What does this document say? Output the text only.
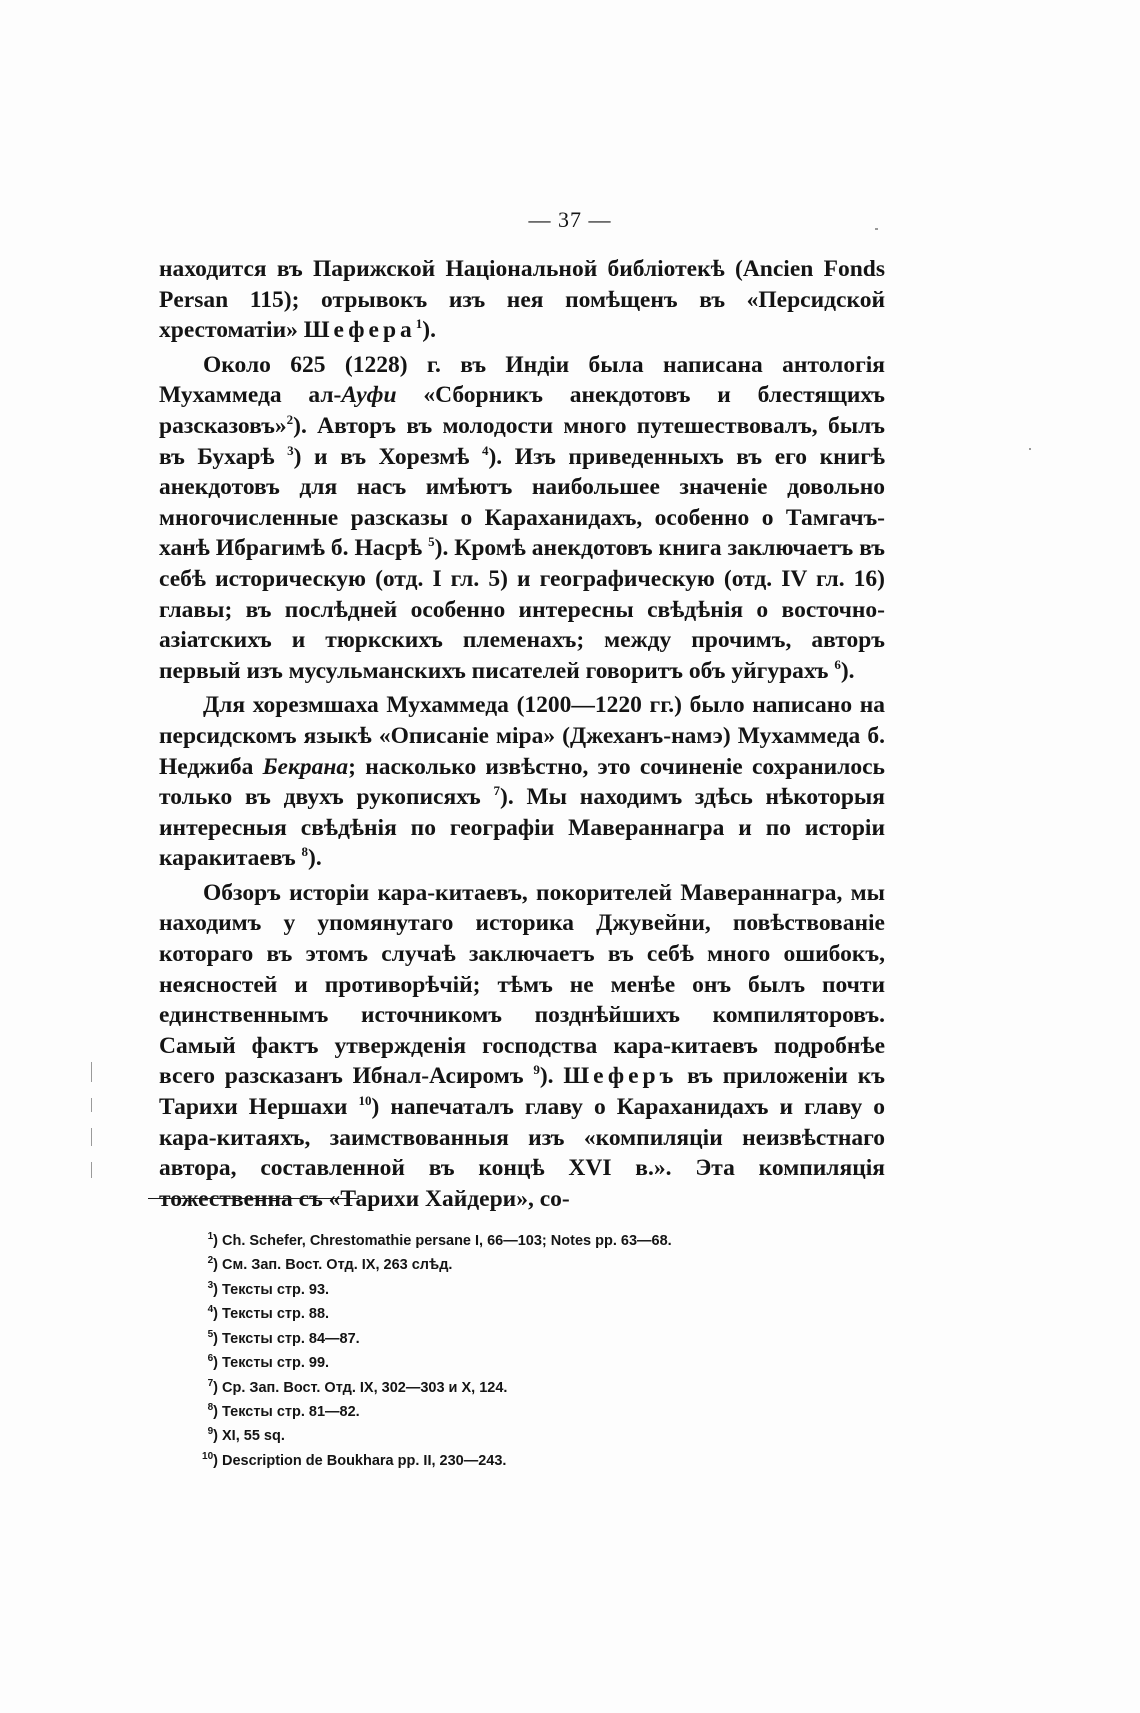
— 37 —

находится въ Парижской Національной библіотекѣ (Ancien Fonds Persan 115); отрывокъ изъ нея помѣщенъ въ «Персидской хрестоматіи» Шефера$^1$).

Около 625 (1228) г. въ Индіи была написана антологія Мухаммеда ал-Ауфи «Сборникъ анекдотовъ и блестящихъ разсказовъ»$^2$). Авторъ въ молодости много путешествовалъ, былъ въ Бухарѣ $^3$) и въ Хорезмѣ $^4$). Изъ приведенныхъ въ его книгѣ анекдотовъ для насъ имѣютъ наибольшее значеніе довольно многочисленные разсказы о Караханидахъ, особенно о Тамгачъ-ханѣ Ибрагимѣ б. Насрѣ $^5$). Кромѣ анекдотовъ книга заключаетъ въ себѣ историческую (отд. I гл. 5) и географическую (отд. IV гл. 16) главы; въ послѣдней особенно интересны свѣдѣнія о восточно-азіатскихъ и тюркскихъ племенахъ; между прочимъ, авторъ первый изъ мусульманскихъ писателей говоритъ объ уйгурахъ $^6$).

Для хорезмшаха Мухаммеда (1200—1220 гг.) было написано на персидскомъ языкѣ «Описаніе міра» (Джеханъ-намэ) Мухаммеда б. Неджиба Бекрана; насколько извѣстно, это сочиненіе сохранилось только въ двухъ рукописяхъ $^7$). Мы находимъ здѣсь нѣкоторыя интересныя свѣдѣнія по географіи Мавераннагра и по исторіи каракитаевъ $^8$).

Обзоръ исторіи кара-китаевъ, покорителей Мавераннагра, мы находимъ у упомянутаго историка Джувейни, повѣствованіе котораго въ этомъ случаѣ заключаетъ въ себѣ много ошибокъ, неясностей и противорѣчій; тѣмъ не менѣе онъ былъ почти единственнымъ источникомъ позднѣйшихъ компиляторовъ. Самый фактъ утвержденія господства кара-китаевъ подробнѣе всего разсказанъ Ибнал-Асиромъ $^9$). Шеферъ въ приложеніи къ Тарихи Нершахи $^{10}$) напечаталъ главу о Караханидахъ и главу о кара-китаяхъ, заимствованныя изъ «компиляціи неизвѣстнаго автора, составленной въ концѣ XVI в.». Эта компиляція тожественна съ «Тарихи Хайдери», со-

$^1$) Ch. Schefer, Chrestomathie persane I, 66—103; Notes pp. 63—68.
$^2$) См. Зап. Вост. Отд. IX, 263 слѣд.
$^3$) Тексты стр. 93.
$^4$) Тексты стр. 88.
$^5$) Тексты стр. 84—87.
$^6$) Тексты стр. 99.
$^7$) Ср. Зап. Вост. Отд. IX, 302—303 и X, 124.
$^8$) Тексты стр. 81—82.
$^9$) XI, 55 sq.
$^{10}$) Description de Boukhara pp. II, 230—243.
